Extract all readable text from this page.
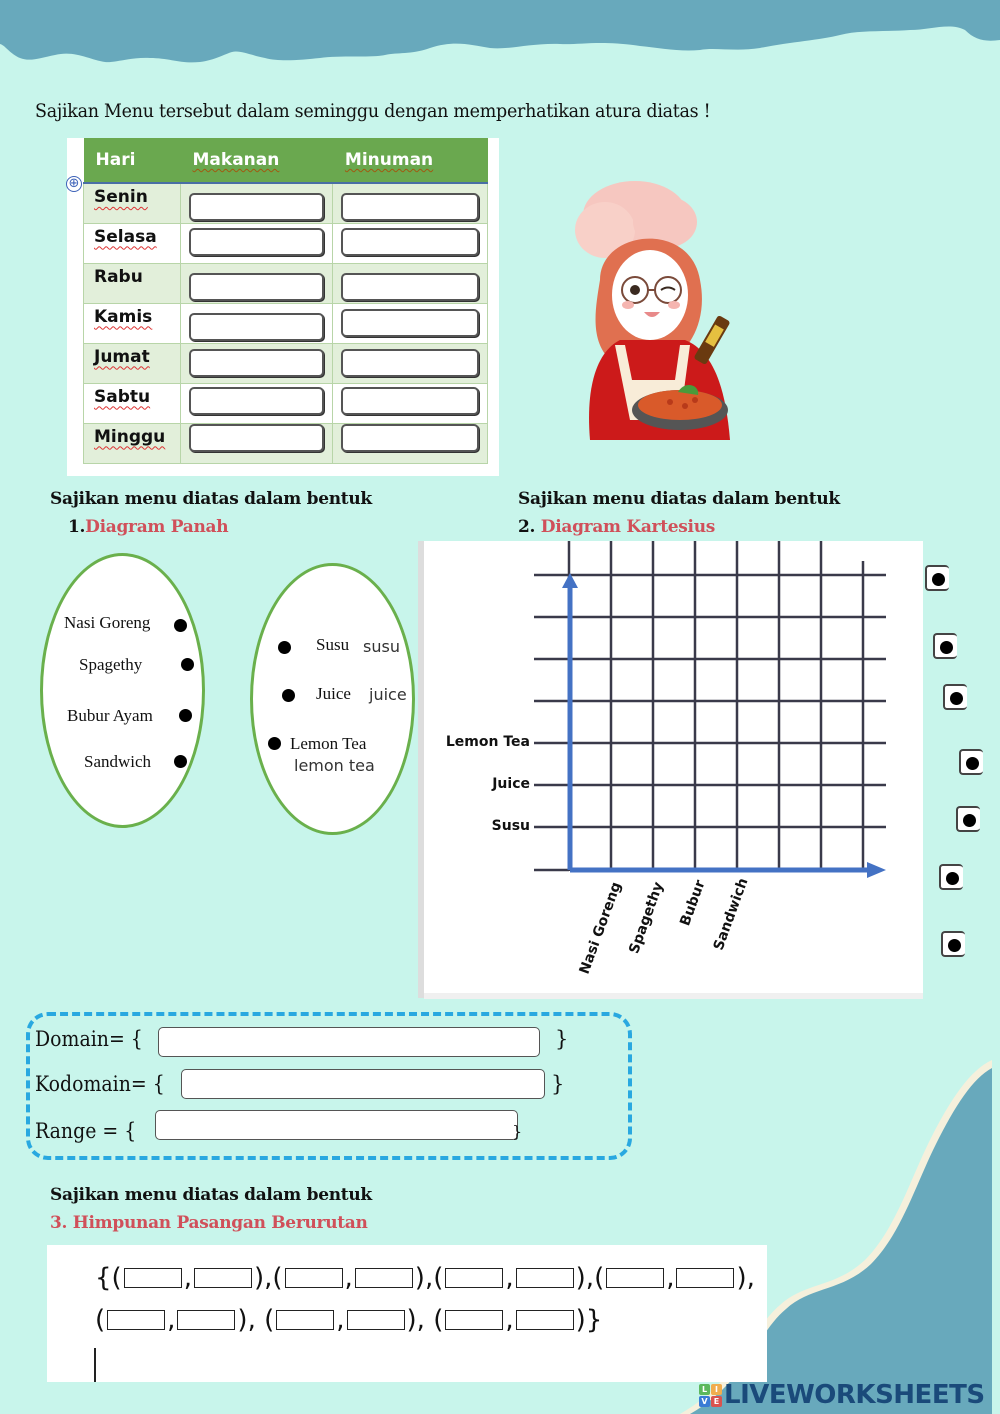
Sajikan Menu tersebut dalam seminggu dengan memperhatikan atura diatas !
Hari	Makanan	Minuman
Senin	

Selasa	

Rabu	

Kamis	

Jumat	

Sabtu	

Minggu	

⊕
Sajikan menu diatas dalam bentuk
1.Diagram Panah
Nasi Goreng
Spagethy
Bubur Ayam
Sandwich
Susu susu
Juice juice
Lemon Tea
lemon tea
Sajikan menu diatas dalam bentuk
2. Diagram Kartesius
Lemon Tea
Juice
Susu
Nasi Goreng Spagethy Bubur Sandwich
Domain= {	}
Kodomain= {	}
Range = {	}
Sajikan menu diatas dalam bentuk
3. Himpunan Pasangan Berurutan
{( , ), ( , ), ( , ), ( , ),
( , ),
( , ),
( , )}
L I
V E LIVEWORKSHEETS
